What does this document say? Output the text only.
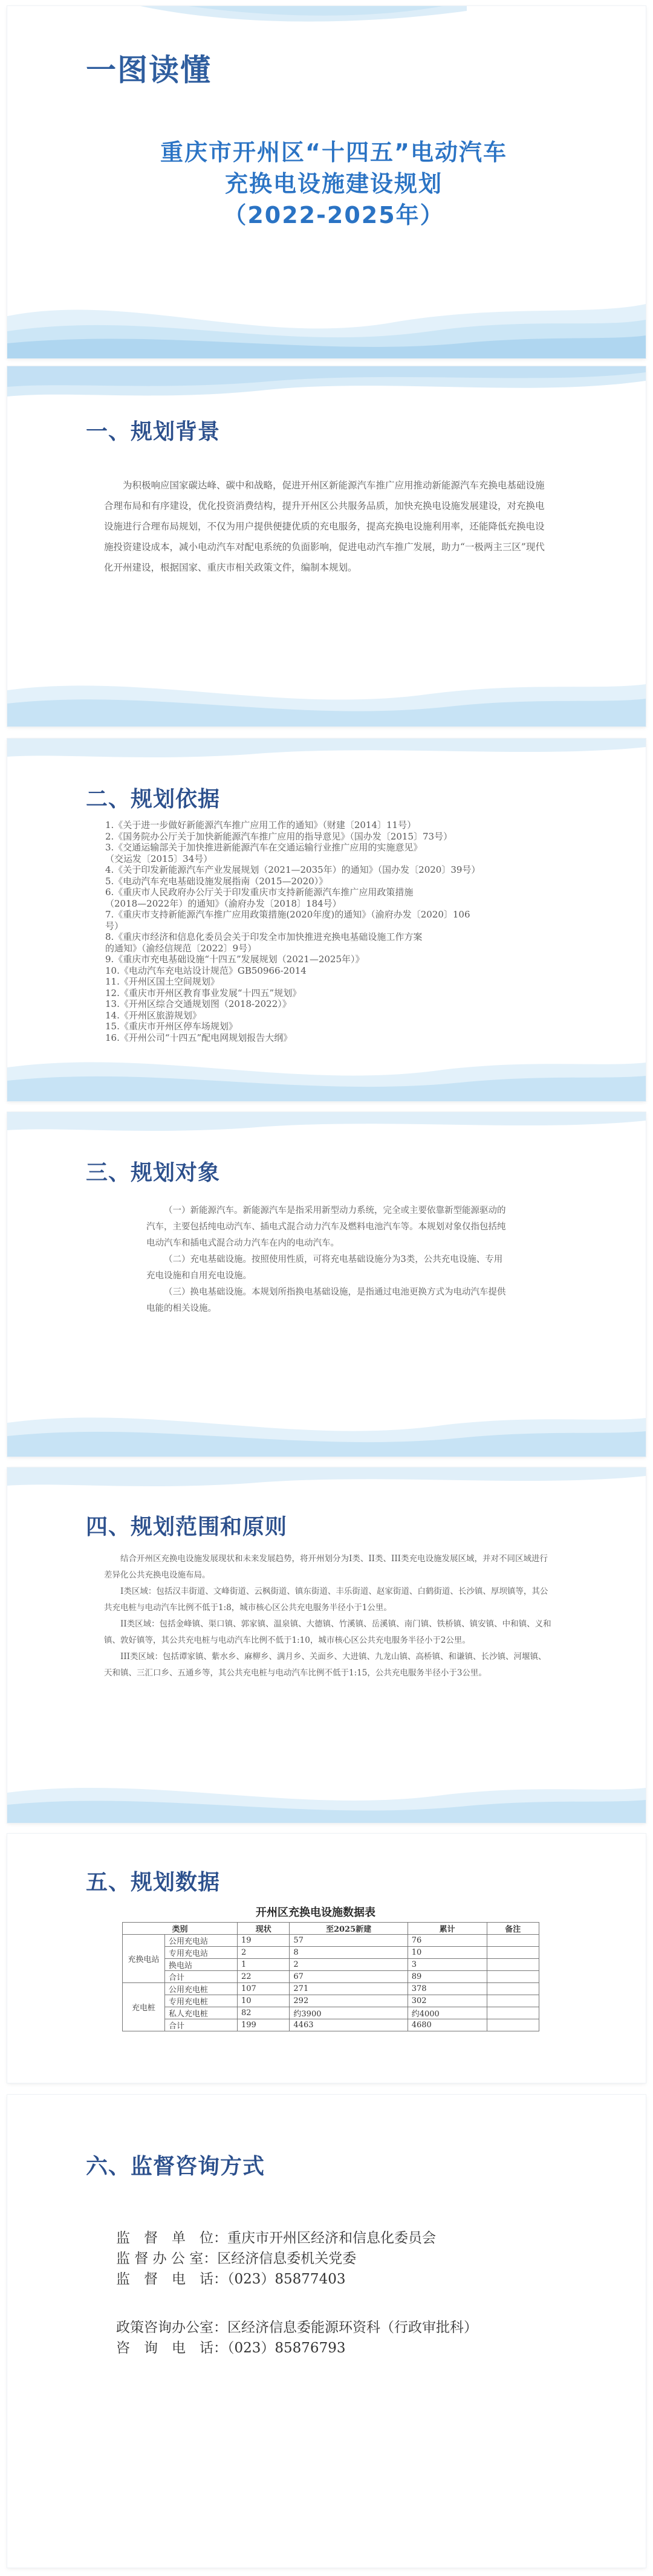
一图读懂
重庆市开州区“十四五”电动汽车
充换电设施建设规划
（2022-2025年）
一、规划背景

为积极响应国家碳达峰、碳中和战略，促进开州区新能源汽车推广应用推动新能源汽车充换电基础设施合理布局和有序建设，优化投资消费结构，提升开州区公共服务品质，加快充换电设施发展建设，对充换电设施进行合理布局规划，不仅为用户提供便捷优质的充电服务，提高充换电设施利用率，还能降低充换电设施投资建设成本，减小电动汽车对配电系统的负面影响，促进电动汽车推广发展，助力“一极两主三区”现代化开州建设，根据国家、重庆市相关政策文件，编制本规划。

二、规划依据
1.《关于进一步做好新能源汽车推广应用工作的通知》（财建〔2014〕11号）
2.《国务院办公厅关于加快新能源汽车推广应用的指导意见》（国办发〔2015〕73号）
3.《交通运输部关于加快推进新能源汽车在交通运输行业推广应用的实施意见》
（交运发〔2015〕34号）
4.《关于印发新能源汽车产业发展规划（2021—2035年）的通知》（国办发〔2020〕39号）
5.《电动汽车充电基础设施发展指南（2015—2020）》
6.《重庆市人民政府办公厅关于印发重庆市支持新能源汽车推广应用政策措施
（2018—2022年）的通知》（渝府办发〔2018〕184号）
7.《重庆市支持新能源汽车推广应用政策措施(2020年度)的通知》（渝府办发〔2020〕106
号）
8.《重庆市经济和信息化委员会关于印发全市加快推进充换电基础设施工作方案
的通知》（渝经信规范〔2022〕9号）
9.《重庆市充电基础设施“十四五”发展规划（2021—2025年）》
10.《电动汽车充电站设计规范》GB50966-2014
11.《开州区国土空间规划》
12.《重庆市开州区教育事业发展“十四五”规划》
13.《开州区综合交通规划图（2018-2022）》
14.《开州区旅游规划》
15.《重庆市开州区停车场规划》
16.《开州公司“十四五”配电网规划报告大纲》
三、规划对象

（一）新能源汽车。新能源汽车是指采用新型动力系统，完全或主要依靠新型能源驱动的汽车，主要包括纯电动汽车、插电式混合动力汽车及燃料电池汽车等。本规划对象仅指包括纯电动汽车和插电式混合动力汽车在内的电动汽车。

（二）充电基础设施。按照使用性质，可将充电基础设施分为3类，公共充电设施、专用充电设施和自用充电设施。

（三）换电基础设施。本规划所指换电基础设施，是指通过电池更换方式为电动汽车提供电能的相关设施。

四、规划范围和原则

结合开州区充换电设施发展现状和未来发展趋势，将开州划分为I类、II类、III类充电设施发展区域，并对不同区域进行差异化公共充换电设施布局。

I类区域：包括汉丰街道、文峰街道、云枫街道、镇东街道、丰乐街道、赵家街道、白鹤街道、长沙镇、厚坝镇等，其公共充电桩与电动汽车比例不低于1:8，城市核心区公共充电服务半径小于1公里。

II类区域：包括金峰镇、渠口镇、郭家镇、温泉镇、大德镇、竹溪镇、岳溪镇、南门镇、铁桥镇、镇安镇、中和镇、义和镇、敦好镇等，其公共充电桩与电动汽车比例不低于1:10，城市核心区公共充电服务半径小于2公里。

III类区域：包括谭家镇、紫水乡、麻柳乡、满月乡、关面乡、大进镇、九龙山镇、高桥镇、和谦镇、长沙镇、河堰镇、天和镇、三汇口乡、五通乡等，其公共充电桩与电动汽车比例不低于1:15，公共充电服务半径小于3公里。

五、规划数据
开州区充换电设施数据表
类别		现状	至2025新建	累计	备注
充换电站	公用充电站	19	57	76	
	专用充电站	2	8	10	
	换电站	1	2	3	
	合计	22	67	89	
充电桩	公用充电桩	107	271	378	
	专用充电桩	10	292	302	
	私人充电桩	82	约3900	约4000	
	合计	199	4463	4680	
六、监督咨询方式
监　督　单　位：重庆市开州区经济和信息化委员会
监 督 办 公 室：区经济信息委机关党委
监　督　电　话：（023）85877403
政策咨询办公室：区经济信息委能源环资科（行政审批科）
咨　询　电　话：（023）85876793
